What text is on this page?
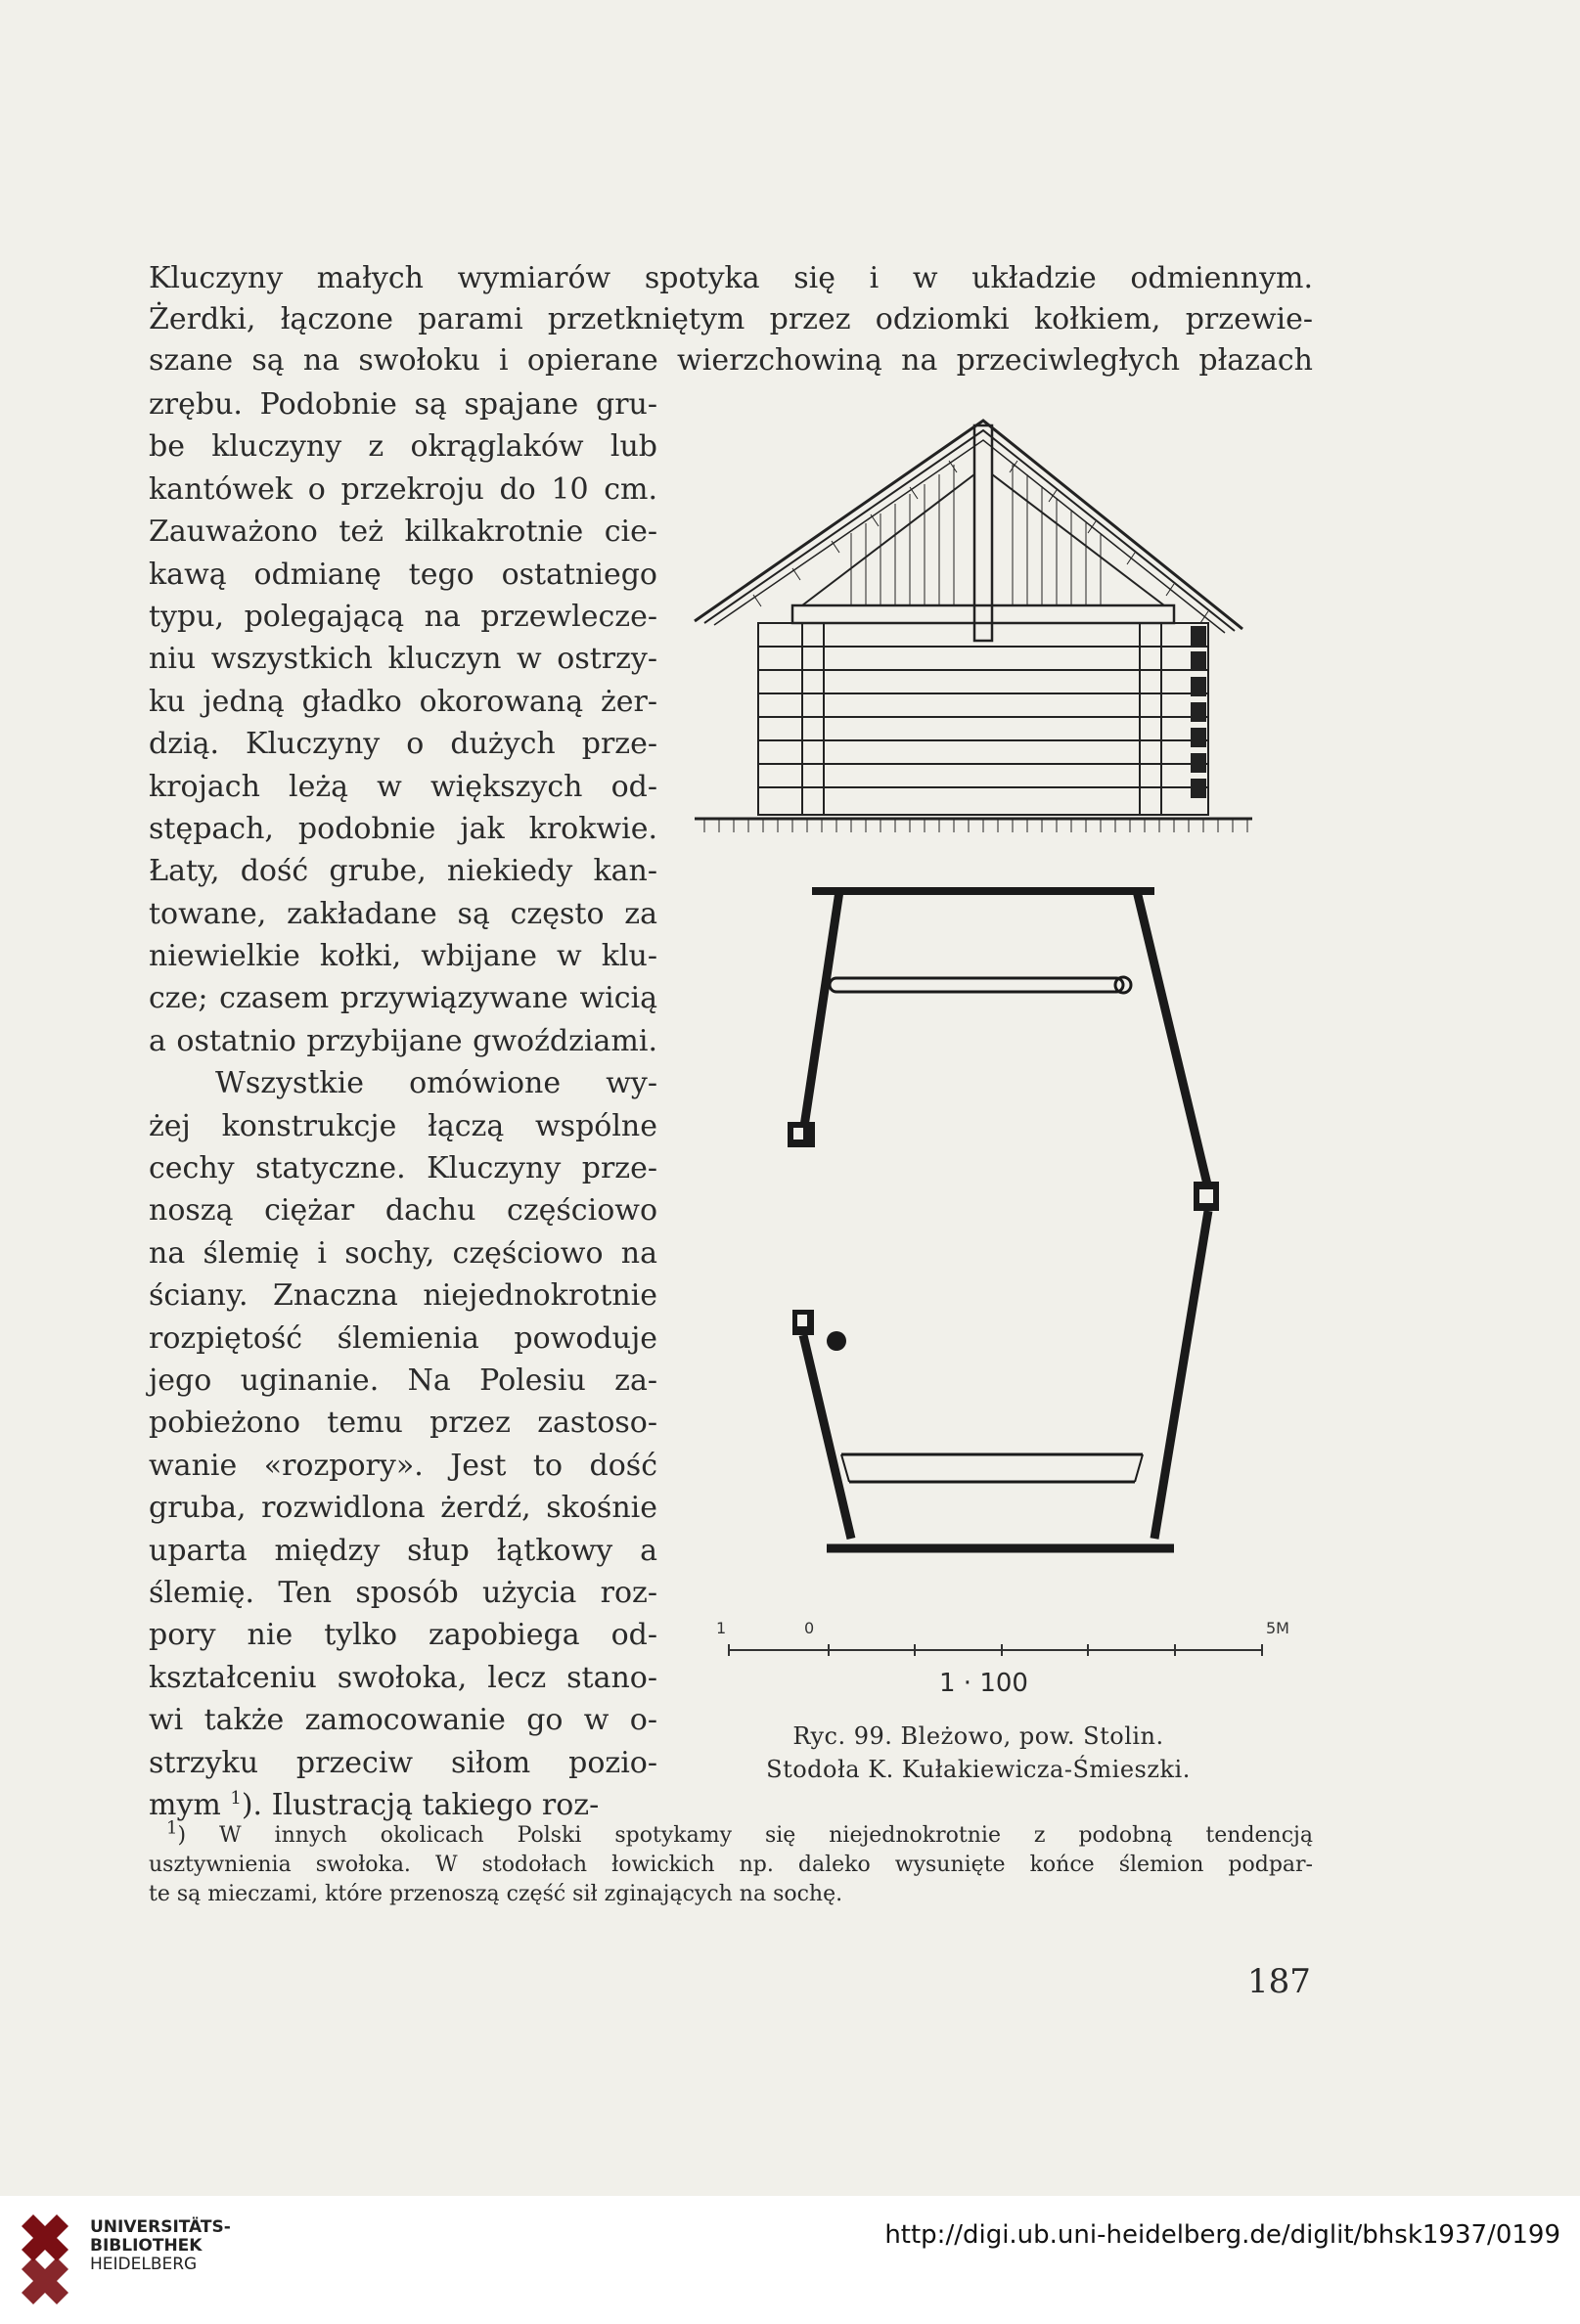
Kluczyny małych wymiarów spotyka się i w układzie odmiennym.
Żerdki, łączone parami przetkniętym przez odziomki kołkiem, przewie-
szane są na swołoku i opierane wierzchowiną na przeciwległych płazach
zrębu. Podobnie są spajane gru-
be kluczyny z okrąglaków lub
kantówek o przekroju do 10 cm.
Zauważono też kilkakrotnie cie-
kawą odmianę tego ostatniego
typu, polegającą na przewlecze-
niu wszystkich kluczyn w ostrzy-
ku jedną gładko okorowaną żer-
dzią. Kluczyny o dużych prze-
krojach leżą w większych od-
stępach, podobnie jak krokwie.
Łaty, dość grube, niekiedy kan-
towane, zakładane są często za
niewielkie kołki, wbijane w klu-
cze; czasem przywiązywane wicią
a ostatnio przybijane gwoździami.
Wszystkie omówione wy-
żej konstrukcje łączą wspólne
cechy statyczne. Kluczyny prze-
noszą ciężar dachu częściowo
na ślemię i sochy, częściowo na
ściany. Znaczna niejednokrotnie
rozpiętość ślemienia powoduje
jego uginanie. Na Polesiu za-
pobieżono temu przez zastoso-
wanie «rozpory». Jest to dość
gruba, rozwidlona żerdź, skośnie
uparta między słup łątkowy a
ślemię. Ten sposób użycia roz-
pory nie tylko zapobiega od-
kształceniu swołoka, lecz stano-
wi także zamocowanie go w o-
strzyku przeciw siłom pozio-
mym $^1$). Ilustracją takiego roz-
1	0	5M
1 · 100
Ryc. 99. Bleżowo, pow. Stolin.
Stodoła K. Kułakiewicza-Śmieszki.
$^1$) W innych okolicach Polski spotykamy się niejednokrotnie z podobną tendencją
usztywnienia swołoka. W stodołach łowickich np. daleko wysunięte końce ślemion podpar-
te są mieczami, które przenoszą część sił zginających na sochę.
187
UNIVERSITÄTS-
BIBLIOTHEK
HEIDELBERG
http://digi.ub.uni-heidelberg.de/diglit/bhsk1937/0199
